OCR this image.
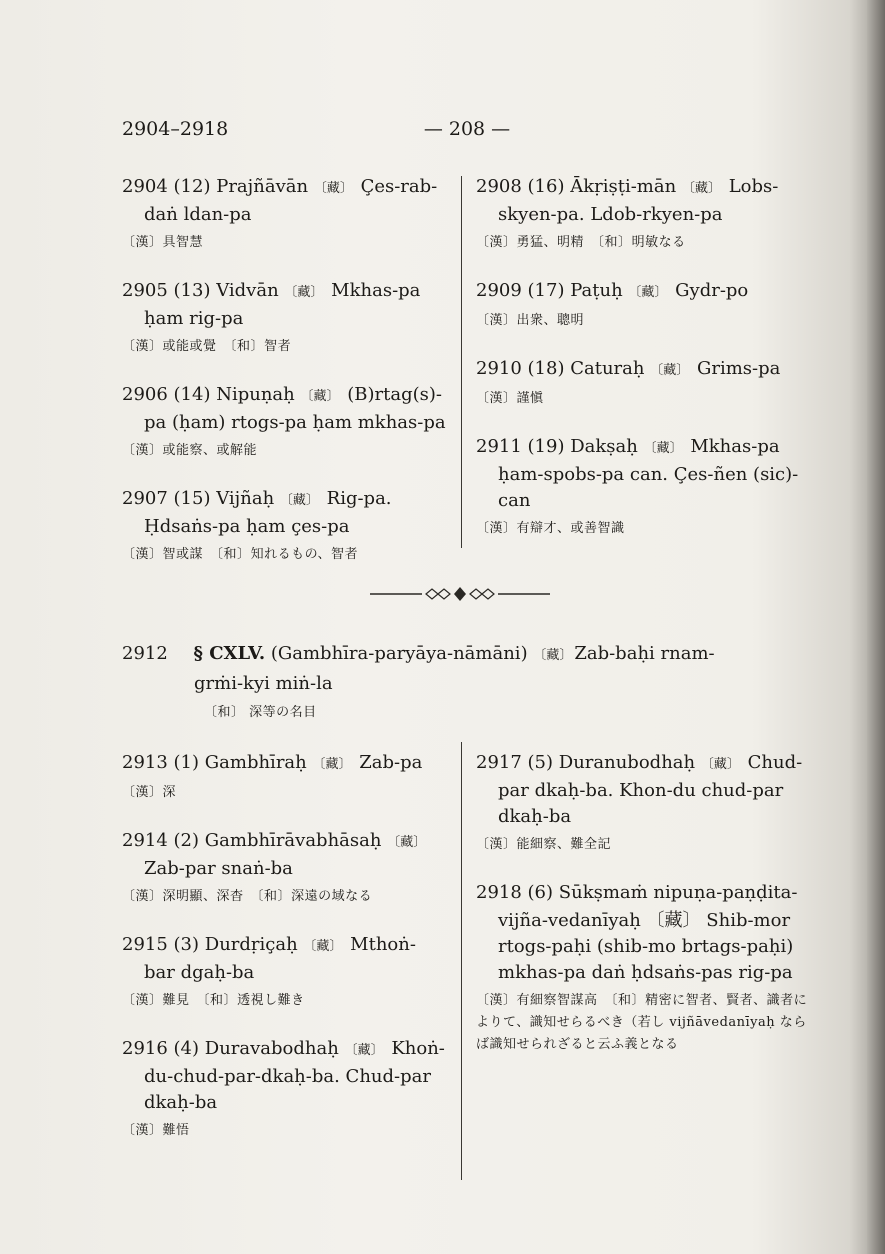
2904–2918	— 208 —
2904 (12) Prajñāvān 〔藏〕 Çes-rab-
daṅ ldan-pa
〔漢〕具智慧
2905 (13) Vidvān 〔藏〕 Mkhas-pa
ḥam rig-pa
〔漢〕或能或覺　 〔和〕智者
2906 (14) Nipuṇaḥ 〔藏〕 (B)rtag(s)-
pa (ḥam) rtogs-pa ḥam mkhas-pa
〔漢〕或能察、或解能
2907 (15) Vijñaḥ 〔藏〕 Rig-pa.
Ḥdsaṅs-pa ḥam çes-pa
〔漢〕智或謀　 〔和〕知れるもの、智者
2908 (16) Ākṛiṣṭi-mān 〔藏〕 Lobs-
skyen-pa. Ldob-rkyen-pa
〔漢〕勇猛、明精　 〔和〕明敏なる
2909 (17) Paṭuḥ 〔藏〕 Gydr-po
〔漢〕出衆、聰明
2910 (18) Caturaḥ 〔藏〕 Grims-pa
〔漢〕謹愼
2911 (19) Dakṣaḥ 〔藏〕 Mkhas-pa
ḥam-spobs-pa can. Çes-ñen (sic)-
can
〔漢〕有辯才、或善智識
2912 § CXLV. (Gambhīra-paryāya-nāmāni) 〔藏〕 Zab-baḥi rnam-
grṁi-kyi miṅ-la
〔和〕 深等の名目
2913 (1) Gambhīraḥ 〔藏〕 Zab-pa
〔漢〕深
2914 (2) Gambhīrāvabhāsaḥ 〔藏〕
Zab-par snaṅ-ba
〔漢〕深明顯、深杳　 〔和〕深遠の域なる
2915 (3) Durdṛiçaḥ 〔藏〕 Mthoṅ-
bar dgaḥ-ba
〔漢〕難見　 〔和〕透視し難き
2916 (4) Duravabodhaḥ 〔藏〕 Khoṅ-
du-chud-par-dkaḥ-ba. Chud-par
dkaḥ-ba
〔漢〕難悟
2917 (5) Duranubodhaḥ 〔藏〕 Chud-
par dkaḥ-ba. Khon-du chud-par
dkaḥ-ba
〔漢〕能細察、難全記
2918 (6) Sūkṣmaṁ nipuṇa-paṇḍita-
vijña-vedanīyaḥ 〔藏〕 Shib-mor
rtogs-paḥi (shib-mo brtags-paḥi)
mkhas-pa daṅ ḥdsaṅs-pas rig-pa
〔漢〕有細察智謀高　 〔和〕精密に智者、賢者、識者によりて、識知せらるべき（若し vijñāvedanīyaḥ ならば識知せられざると云ふ義となる
